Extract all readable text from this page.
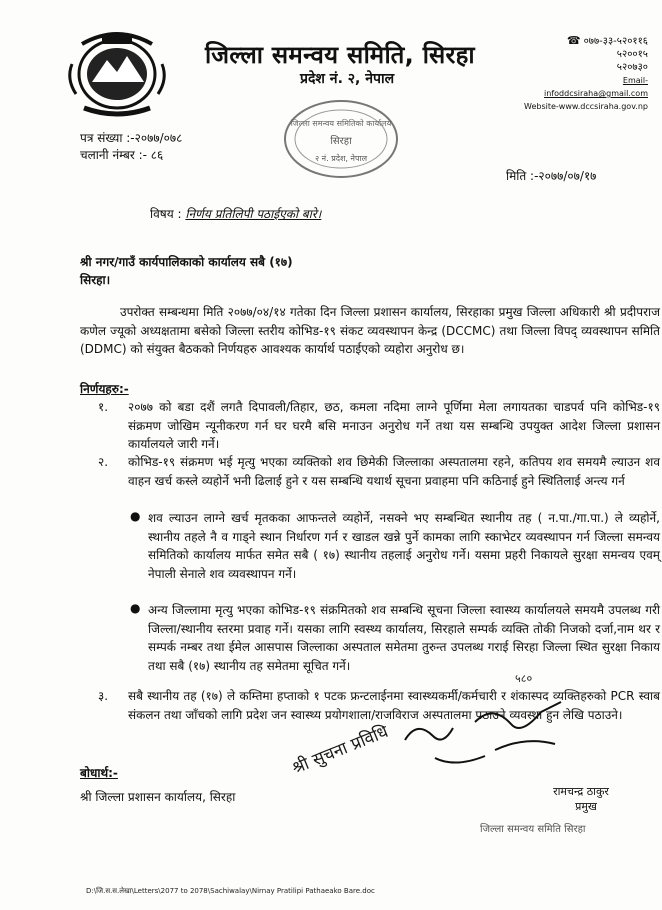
जिल्ला समन्वय समिति, सिरहा
प्रदेश नं. २, नेपाल
☎ ०७७-३३-५२०११६
५२००१५
५२०७३०
Email-infoddcsiraha@gmail.com
Website-www.dccsiraha.gov.np
जिल्ला समन्वय समितिको कार्यालय
सिरहा
२ नं. प्रदेश, नेपाल
पत्र संख्या :-२०७७/०७८
चलानी नंम्बर :- ८६
मिति :-२०७७/०७/१७
विषय : निर्णय प्रतिलिपी पठाईएको बारे।
श्री नगर/गाउँ कार्यपालिकाको कार्यालय सबै (१७)
सिरहा।
उपरोक्त सम्बन्धमा मिति २०७७/०४/१४ गतेका दिन जिल्ला प्रशासन कार्यालय, सिरहाका प्रमुख जिल्ला अधिकारी श्री प्रदीपराज कणेल ज्यूको अध्यक्षतामा बसेको जिल्ला स्तरीय कोभिड-१९ संकट व्यवस्थापन केन्द्र (DCCMC) तथा जिल्ला विपद् व्यवस्थापन समिति (DDMC) को संयुक्त बैठकको निर्णयहरु आवश्यक कार्यार्थ पठाईएको व्यहोरा अनुरोध छ।
निर्णयहरु:-
१. २०७७ को बडा दशैं लगतै दिपावली/तिहार, छठ, कमला नदिमा लाग्ने पूर्णिमा मेला लगायतका चाडपर्व पनि कोभिड-१९ संक्रमण जोखिम न्यूनीकरण गर्न घर घरमै बसि मनाउन अनुरोध गर्ने तथा यस सम्बन्धि उपयुक्त आदेश जिल्ला प्रशासन कार्यालयले जारी गर्ने।
२. कोभिड-१९ संक्रमण भई मृत्यु भएका व्यक्तिको शव छिमेकी जिल्लाका अस्पतालमा रहने, कतिपय शव समयमै ल्याउन शव वाहन खर्च कस्ले व्यहोर्ने भनी ढिलाई हुने र यस सम्बन्धि यथार्थ सूचना प्रवाहमा पनि कठिनाई हुने स्थितिलाई अन्त्य गर्न
● शव ल्याउन लाग्ने खर्च मृतकका आफन्तले व्यहोर्ने, नसक्ने भए सम्बन्धित स्थानीय तह ( न.पा./गा.पा.) ले व्यहोर्ने, स्थानीय तहले नै व गाड्ने स्थान निर्धारण गर्न र खाडल खन्ने पुर्ने कामका लागि स्काभेटर व्यवस्थापन गर्न जिल्ला समन्वय समितिको कार्यालय मार्फत समेत सबै ( १७) स्थानीय तहलाई अनुरोध गर्ने। यसमा प्रहरी निकायले सुरक्षा समन्वय एवम् नेपाली सेनाले शव व्यवस्थापन गर्ने।
● अन्य जिल्लामा मृत्यु भएका कोभिड-१९ संक्रमितको शव सम्बन्धि सूचना जिल्ला स्वास्थ्य कार्यालयले समयमै उपलब्ध गरी जिल्ला/स्थानीय स्तरमा प्रवाह गर्ने। यसका लागि स्वस्थ्य कार्यालय, सिरहाले सम्पर्क व्यक्ति तोकी निजको दर्जा,नाम थर र सम्पर्क नम्बर तथा ईमेल आसपास जिल्लाका अस्पताल समेतमा तुरुन्त उपलब्ध गराई सिरहा जिल्ला स्थित सुरक्षा निकाय तथा सबै (१७) स्थानीय तह समेतमा सूचित गर्ने।
३. सबै स्थानीय तह (१७) ले कम्तिमा हप्ताको १ पटक फ्रन्टलाईनमा स्वास्थ्यकर्मी/कर्मचारी र शंकास्पद व्यक्तिहरुको PCR स्वाब संकलन तथा जाँचको लागि प्रदेश जन स्वास्थ्य प्रयोगशाला/राजविराज अस्पतालमा पठाउने व्यवस्था हुन लेखि पठाउने।
श्री सुचना प्रविधि
५८०
बोधार्थ:-
श्री जिल्ला प्रशासन कार्यालय, सिरहा	रामचन्द्र ठाकुर
प्रमुख
जिल्ला समन्वय समिति सिरहा
D:\जि.स.स.लेखा\Letters\2077 to 2078\Sachiwalay\Nirnay Pratilipi Pathaeako Bare.doc
